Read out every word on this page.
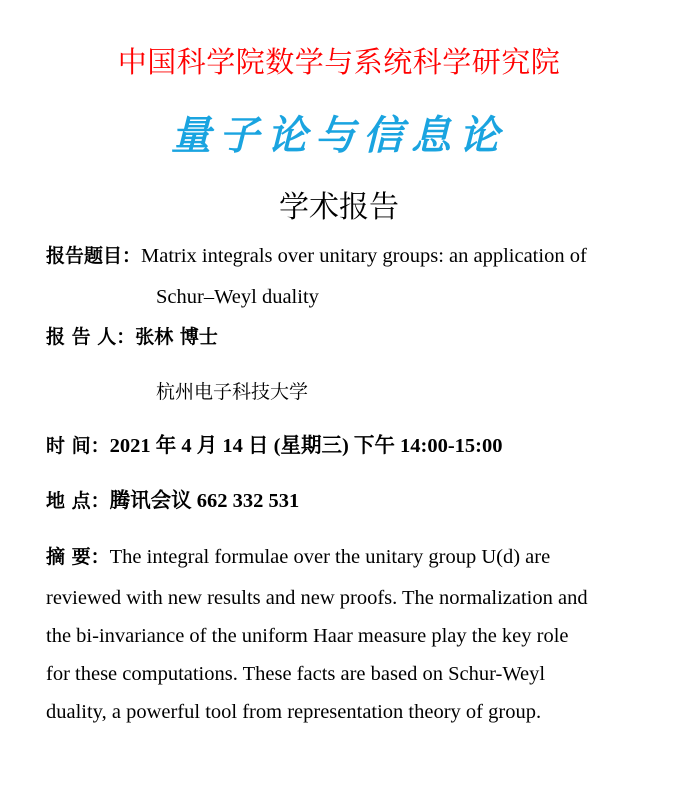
中国科学院数学与系统科学研究院
量子论与信息论
学术报告
报告题目：Matrix integrals over unitary groups: an application of
Schur–Weyl duality
报 告 人：张林 博士
杭州电子科技大学
时 间：2021 年 4 月 14 日 (星期三) 下午 14:00-15:00
地 点：腾讯会议 662 332 531
摘 要：The integral formulae over the unitary group U(d) are
reviewed with new results and new proofs. The normalization and
the bi-invariance of the uniform Haar measure play the key role
for these computations. These facts are based on Schur-Weyl
duality, a powerful tool from representation theory of group.
